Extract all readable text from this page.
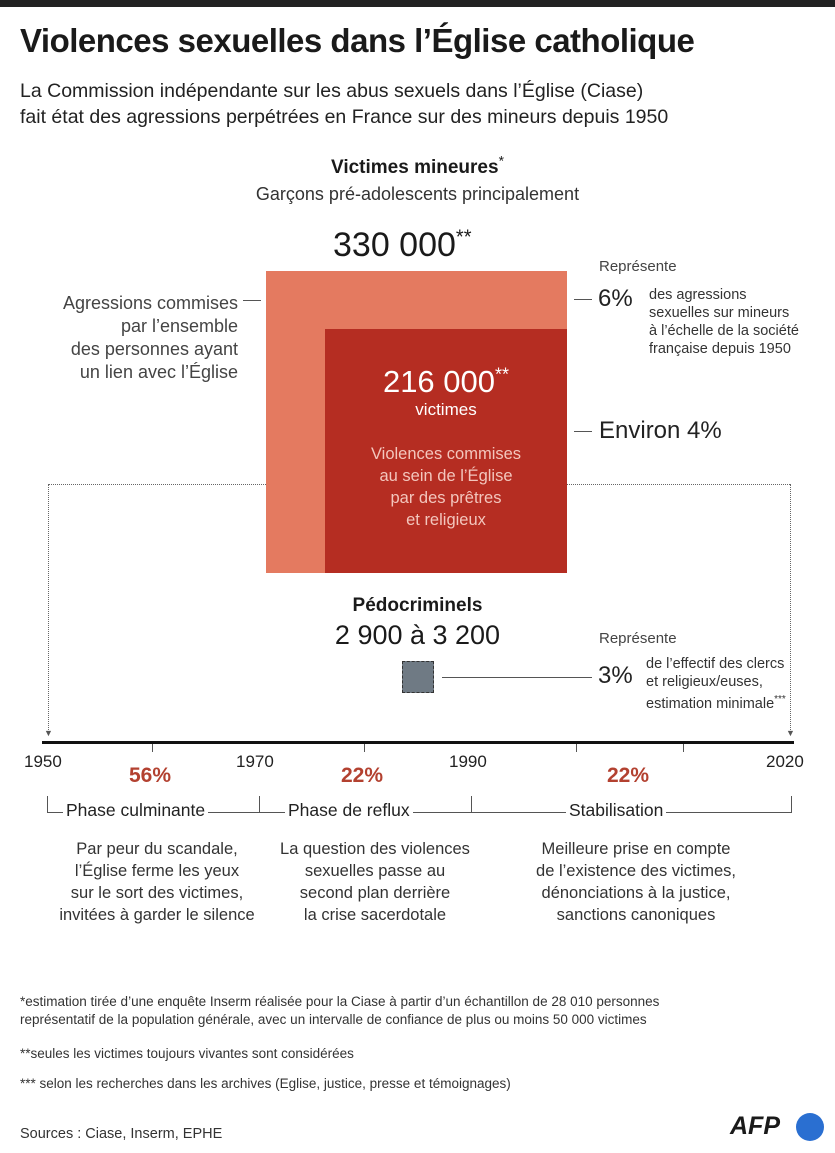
Violences sexuelles dans l’Église catholique
La Commission indépendante sur les abus sexuels dans l’Église (Ciase)
fait état des agressions perpétrées en France sur des mineurs depuis 1950
Victimes mineures*
Garçons pré-adolescents principalement
330 000**
216 000**
victimes
Violences commises
au sein de l’Église
par des prêtres
et religieux
Agressions commises
par l’ensemble
des personnes ayant
un lien avec l’Église
Représente
6% des agressions
sexuelles sur mineurs
à l’échelle de la société
française depuis 1950
Environ 4%
▼	▼
Pédocriminels
2 900 à 3 200	Représente
3% de l’effectif des clercs
et religieux/euses,
estimation minimale***
1950	1970	1990	2020
56%	22%	22%
Phase culminante	Phase de reflux	Stabilisation
Par peur du scandale,
l’Église ferme les yeux
sur le sort des victimes,
invitées à garder le silence
La question des violences
sexuelles passe au
second plan derrière
la crise sacerdotale
Meilleure prise en compte
de l’existence des victimes,
dénonciations à la justice,
sanctions canoniques
*estimation tirée d’une enquête Inserm réalisée pour la Ciase à partir d’un échantillon de 28 010 personnes
représentatif de la population générale, avec un intervalle de confiance de plus ou moins 50 000 victimes
**seules les victimes toujours vivantes sont considérées
*** selon les recherches dans les archives (Eglise, justice, presse et témoignages)
Sources : Ciase, Inserm, EPHE	AFP
